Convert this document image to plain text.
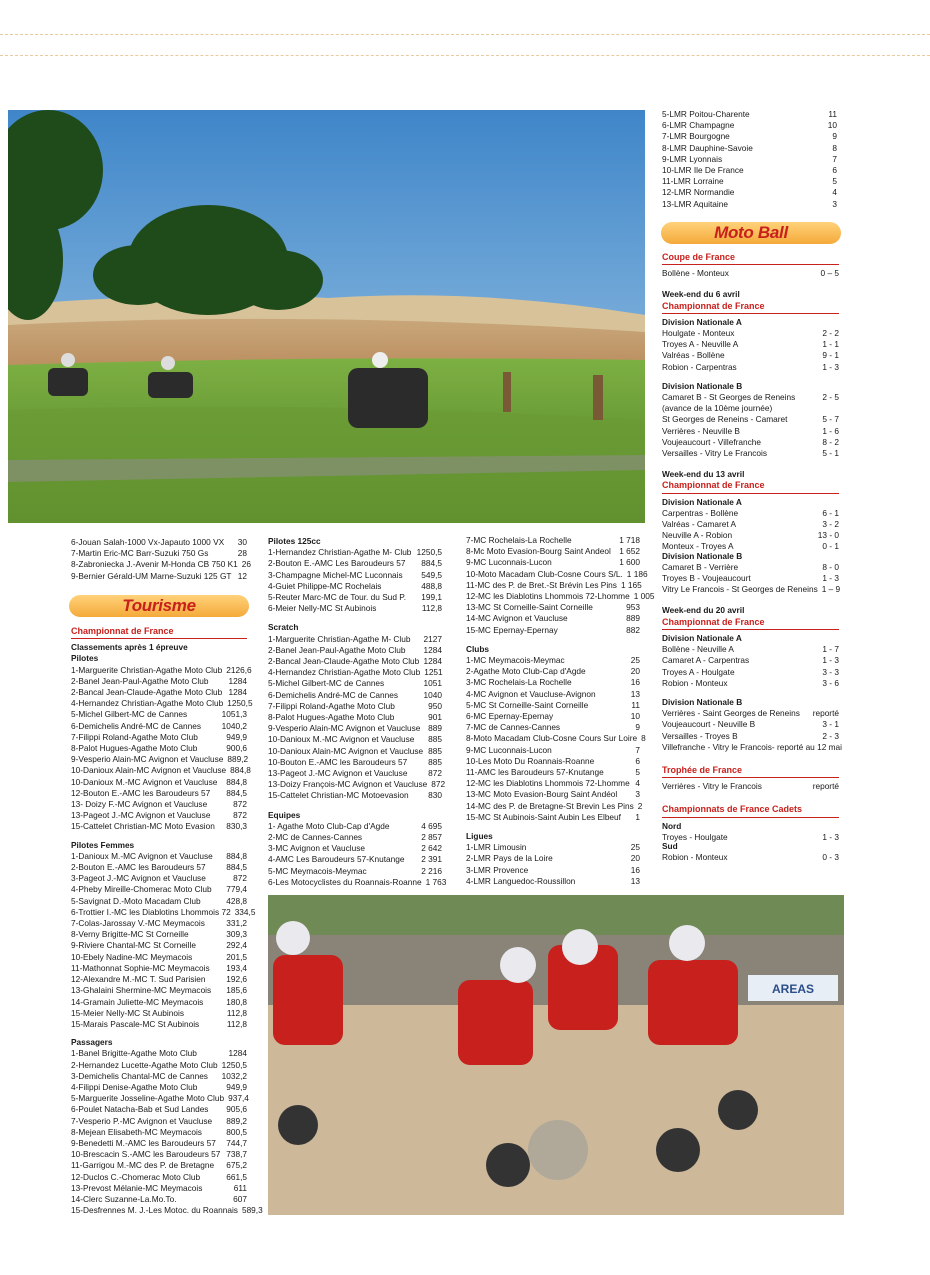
6-Jouan Salah-1000 Vx-Japauto 1000 VX	30
7-Martin Eric-MC Barr-Suzuki 750 Gs	28
8-Zabroniecka J.-Avenir M-Honda CB 750 K1 26
9-Bernier Gérald-UM Marne-Suzuki 125 GT 12
Tourisme
Championnat de France
Classements après 1 épreuve
Pilotes
1-Marguerite Christian-Agathe Moto Club 2126,6
2-Banel Jean-Paul-Agathe Moto Club	1284
2-Bancal Jean-Claude-Agathe Moto Club 1284
4-Hernandez Christian-Agathe Moto Club 1250,5
5-Michel Gilbert-MC de Cannes	1051,3
6-Demichelis André-MC de Cannes	1040,2
7-Filippi Roland-Agathe Moto Club	949,9
8-Palot Hugues-Agathe Moto Club	900,6
9-Vesperio Alain-MC Avignon et Vaucluse 889,2
10-Danioux Alain-MC Avignon et Vaucluse 884,8
10-Danioux M.-MC Avignon et Vaucluse	884,8
12-Bouton E.-AMC les Baroudeurs 57	884,5
13- Doizy F.-MC Avignon et Vaucluse	872
13-Pageot J.-MC Avignon et Vaucluse	872
15-Cattelet Christian-MC Moto Evasion	830,3
Pilotes Femmes
1-Danioux M.-MC Avignon et Vaucluse	884,8
2-Bouton E.-AMC les Baroudeurs 57	884,5
3-Pageot J.-MC Avignon et Vaucluse	872
4-Pheby Mireille-Chomerac Moto Club	779,4
5-Savignat D.-Moto Macadam Club	428,8
6-Trottier I.-MC les Diablotins Lhommois 72 334,5
7-Colas-Jarossay V.-MC Meymacois	331,2
8-Verny Brigitte-MC St Corneille	309,3
9-Riviere Chantal-MC St Corneille	292,4
10-Ebely Nadine-MC Meymacois	201,5
11-Mathonnat Sophie-MC Meymacois	193,4
12-Alexandre M.-MC T. Sud Parisien	192,6
13-Ghalaini Shermine-MC Meymacois	185,6
14-Gramain Juliette-MC Meymacois	180,8
15-Meier Nelly-MC St Aubinois	112,8
15-Marais Pascale-MC St Aubinois	112,8
Passagers
1-Banel Brigitte-Agathe Moto Club	1284
2-Hernandez Lucette-Agathe Moto Club 1250,5
3-Demichelis Chantal-MC de Cannes	1032,2
4-Filippi Denise-Agathe Moto Club	949,9
5-Marguerite Josseline-Agathe Moto Club 937,4
6-Poulet Natacha-Bab et Sud Landes	905,6
7-Vesperio P.-MC Avignon et Vaucluse	889,2
8-Mejean Elisabeth-MC Meymacois	800,5
9-Benedetti M.-AMC les Baroudeurs 57	744,7
10-Brescacin S.-AMC les Baroudeurs 57 738,7
11-Garrigou M.-MC des P. de Bretagne	675,2
12-Duclos C.-Chomerac Moto Club	661,5
13-Prevost Mélanie-MC Meymacois	611
14-Clerc Suzanne-La.Mo.To.	607
15-Desfrennes M. J.-Les Motoc. du Roannais 589,3
Pilotes 125cc
1-Hernandez Christian-Agathe M- Club 1250,5
2-Bouton E.-AMC Les Baroudeurs 57	884,5
3-Champagne Michel-MC Luconnais	549,5
4-Guiet Philippe-MC Rochelais	488,8
5-Reuter Marc-MC de Tour. du Sud P.	199,1
6-Meier Nelly-MC St Aubinois	112,8
Scratch
1-Marguerite Christian-Agathe M- Club	2127
2-Banel Jean-Paul-Agathe Moto Club	1284
2-Bancal Jean-Claude-Agathe Moto Club 1284
4-Hernandez Christian-Agathe Moto Club 1251
5-Michel Gilbert-MC de Cannes	1051
6-Demichelis André-MC de Cannes	1040
7-Filippi Roland-Agathe Moto Club	950
8-Palot Hugues-Agathe Moto Club	901
9-Vesperio Alain-MC Avignon et Vaucluse 889
10-Danioux M.-MC Avignon et Vaucluse	885
10-Danioux Alain-MC Avignon et Vaucluse 885
10-Bouton E.-AMC les Baroudeurs 57	885
13-Pageot J.-MC Avignon et Vaucluse	872
13-Doizy François-MC Avignon et Vaucluse 872
15-Cattelet Christian-MC Motoevasion	830
Equipes
1- Agathe Moto Club-Cap d'Agde	4 695
2-MC de Cannes-Cannes	2 857
3-MC Avignon et Vaucluse	2 642
4-AMC Les Baroudeurs 57-Knutange	2 391
5-MC Meymacois-Meymac	2 216
6-Les Motocyclistes du Roannais-Roanne 1 763
7-MC Rochelais-La Rochelle	1 718
8-Mc Moto Evasion-Bourg Saint Andeol	1 652
9-MC Luconnais-Lucon	1 600
10-Moto Macadam Club-Cosne Cours S/L. 1 186
11-MC des P. de Bret.-St Brévin Les Pins 1 165
12-MC les Diablotins Lhommois 72-Lhomme 1 005
13-MC St Corneille-Saint Corneille	953
14-MC Avignon et Vaucluse	889
15-MC Epernay-Epernay	882
Clubs
1-MC Meymacois-Meymac	25
2-Agathe Moto Club-Cap d'Agde	20
3-MC Rochelais-La Rochelle	16
4-MC Avignon et Vaucluse-Avignon	13
5-MC St Corneille-Saint Corneille	11
6-MC Epernay-Epernay	10
7-MC de Cannes-Cannes	9
8-Moto Macadam Club-Cosne Cours Sur Loire 8
9-MC Luconnais-Lucon	7
10-Les Moto Du Roannais-Roanne	6
11-AMC les Baroudeurs 57-Knutange	5
12-MC les Diablotins Lhommois 72-Lhomme 4
13-MC Moto Evasion-Bourg Saint Andéol	3
14-MC des P. de Bretagne-St Brevin Les Pins 2
15-MC St Aubinois-Saint Aubin Les Elbeuf	1
Ligues
1-LMR Limousin	25
2-LMR Pays de la Loire	20
3-LMR Provence	16
4-LMR Languedoc-Roussillon	13
AREAS
5-LMR Poitou-Charente	11
6-LMR Champagne	10
7-LMR Bourgogne	9
8-LMR Dauphine-Savoie	8
9-LMR Lyonnais	7
10-LMR Ile De France	6
11-LMR Lorraine	5
12-LMR Normandie	4
13-LMR Aquitaine	3
Moto Ball
Coupe de France
Bollène - Monteux	0 – 5
Week-end du 6 avril
Championnat de France
Division Nationale A
Houlgate - Monteux	2 - 2
Troyes A - Neuville A	1 - 1
Valréas - Bollène	9 - 1
Robion - Carpentras	1 - 3
Division Nationale B
Camaret B - St Georges de Reneins	2 - 5
(avance de la 10ème journée)
St Georges de Reneins - Camaret	5 - 7
Verrières - Neuville B	1 - 6
Voujeaucourt - Villefranche	8 - 2
Versailles - Vitry Le Francois	5 - 1
Week-end du 13 avril
Championnat de France
Division Nationale A
Carpentras - Bollène	6 - 1
Valréas - Camaret A	3 - 2
Neuville A - Robion	13 - 0
Monteux - Troyes A	0 - 1
Division Nationale B
Camaret B - Verrière	8 - 0
Troyes B - Voujeaucourt	1 - 3
Vitry Le Francois - St Georges de Reneins 1 – 9
Week-end du 20 avril
Championnat de France
Division Nationale A
Bollène - Neuville A	1 - 7
Camaret A - Carpentras	1 - 3
Troyes A - Houlgate	3 - 3
Robion - Monteux	3 - 6
Division Nationale B
Verrières - Saint Georges de Reneins	reporté
Voujeaucourt - Neuville B	3 - 1
Versailles - Troyes B	2 - 3
Villefranche - Vitry le Francois- reporté au 12 mai
Trophée de France
Verrières - Vitry le Francois	reporté
Championnats de France Cadets
Nord
Troyes - Houlgate	1 - 3
Sud
Robion - Monteux	0 - 3
